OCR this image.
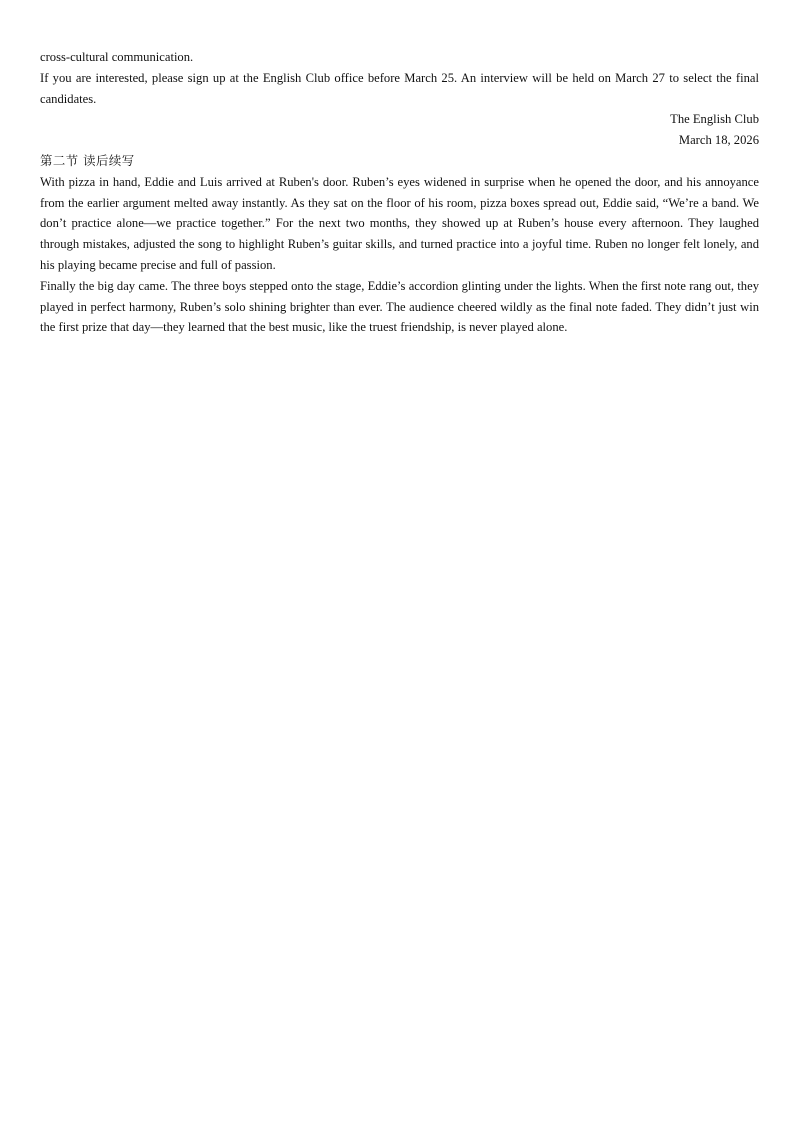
cross-cultural communication.

If you are interested, please sign up at the English Club office before March 25. An interview will be held on March 27 to select the final candidates.

The English Club

March 18, 2026

第二节 读后续写

With pizza in hand, Eddie and Luis arrived at Ruben's door. Ruben’s eyes widened in surprise when he opened the door, and his annoyance from the earlier argument melted away instantly. As they sat on the floor of his room, pizza boxes spread out, Eddie said, “We’re a band. We don’t practice alone—we practice together.” For the next two months, they showed up at Ruben’s house every afternoon. They laughed through mistakes, adjusted the song to highlight Ruben’s guitar skills, and turned practice into a joyful time. Ruben no longer felt lonely, and his playing became precise and full of passion.

Finally the big day came. The three boys stepped onto the stage, Eddie’s accordion glinting under the lights. When the first note rang out, they played in perfect harmony, Ruben’s solo shining brighter than ever. The audience cheered wildly as the final note faded. They didn’t just win the first prize that day—they learned that the best music, like the truest friendship, is never played alone.
